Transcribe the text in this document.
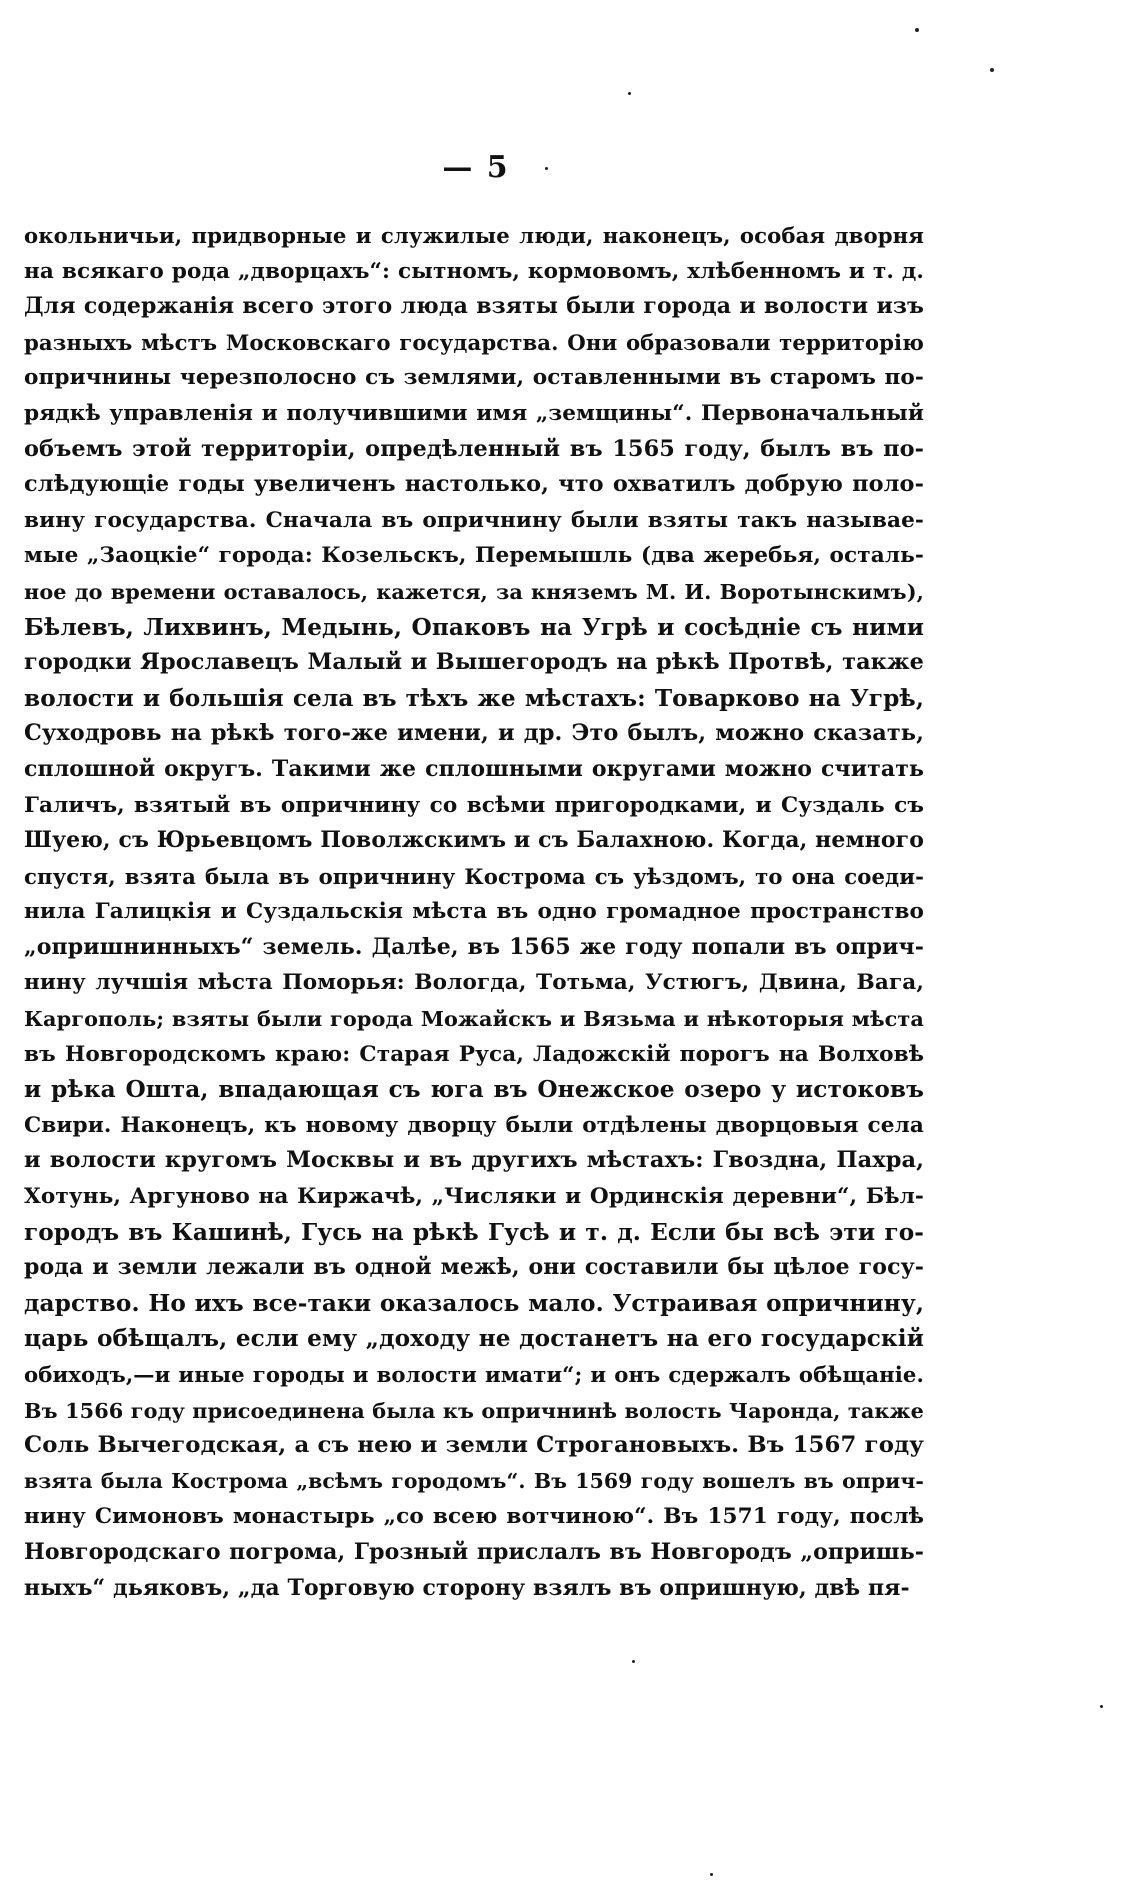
— 5
окольничьи, придворные и служилые люди, наконецъ, особая дворня
на всякаго рода „дворцахъ“: сытномъ, кормовомъ, хлѣбенномъ и т. д.
Для содержанія всего этого люда взяты были города и волости изъ
разныхъ мѣстъ Московскаго государства. Они образовали территорію
опричнины черезполосно съ землями, оставленными въ старомъ по-
рядкѣ управленія и получившими имя „земщины“. Первоначальный
объемъ этой территоріи, опредѣленный въ 1565 году, былъ въ по-
слѣдующіе годы увеличенъ настолько, что охватилъ добрую поло-
вину государства. Сначала въ опричнину были взяты такъ называе-
мые „Заоцкіе“ города: Козельскъ, Перемышль (два жеребья, осталь-
ное до времени оставалось, кажется, за княземъ М. И. Воротынскимъ),
Бѣлевъ, Лихвинъ, Медынь, Опаковъ на Угрѣ и сосѣдніе съ ними
городки Ярославецъ Малый и Вышегородъ на рѣкѣ Протвѣ, также
волости и большія села въ тѣхъ же мѣстахъ: Товарково на Угрѣ,
Суходровь на рѣкѣ того-же имени, и др. Это былъ, можно сказать,
сплошной округъ. Такими же сплошными округами можно считать
Галичъ, взятый въ опричнину со всѣми пригородками, и Суздаль съ
Шуею, съ Юрьевцомъ Поволжскимъ и съ Балахною. Когда, немного
спустя, взята была въ опричнину Кострома съ уѣздомъ, то она соеди-
нила Галицкія и Суздальскія мѣста въ одно громадное пространство
„опришнинныхъ“ земель. Далѣе, въ 1565 же году попали въ оприч-
нину лучшія мѣста Поморья: Вологда, Тотьма, Устюгъ, Двина, Вага,
Каргополь; взяты были города Можайскъ и Вязьма и нѣкоторыя мѣста
въ Новгородскомъ краю: Старая Руса, Ладожскій порогъ на Волховѣ
и рѣка Ошта, впадающая съ юга въ Онежское озеро у истоковъ
Свири. Наконецъ, къ новому дворцу были отдѣлены дворцовыя села
и волости кругомъ Москвы и въ другихъ мѣстахъ: Гвоздна, Пахра,
Хотунь, Аргуново на Киржачѣ, „Числяки и Ординскія деревни“, Бѣл-
городъ въ Кашинѣ, Гусь на рѣкѣ Гусѣ и т. д. Если бы всѣ эти го-
рода и земли лежали въ одной межѣ, они составили бы цѣлое госу-
дарство. Но ихъ все-таки оказалось мало. Устраивая опричнину,
царь обѣщалъ, если ему „доходу не достанетъ на его государскій
обиходъ,—и иные городы и волости имати“; и онъ сдержалъ обѣщаніе.
Въ 1566 году присоединена была къ опричнинѣ волость Чаронда, также
Соль Вычегодская, а съ нею и земли Строгановыхъ. Въ 1567 году
взята была Кострома „всѣмъ городомъ“. Въ 1569 году вошелъ въ оприч-
нину Симоновъ монастырь „со всею вотчиною“. Въ 1571 году, послѣ
Новгородскаго погрома, Грозный прислалъ въ Новгородъ „опришь-
ныхъ“ дьяковъ, „да Торговую сторону взялъ въ опришную, двѣ пя-
